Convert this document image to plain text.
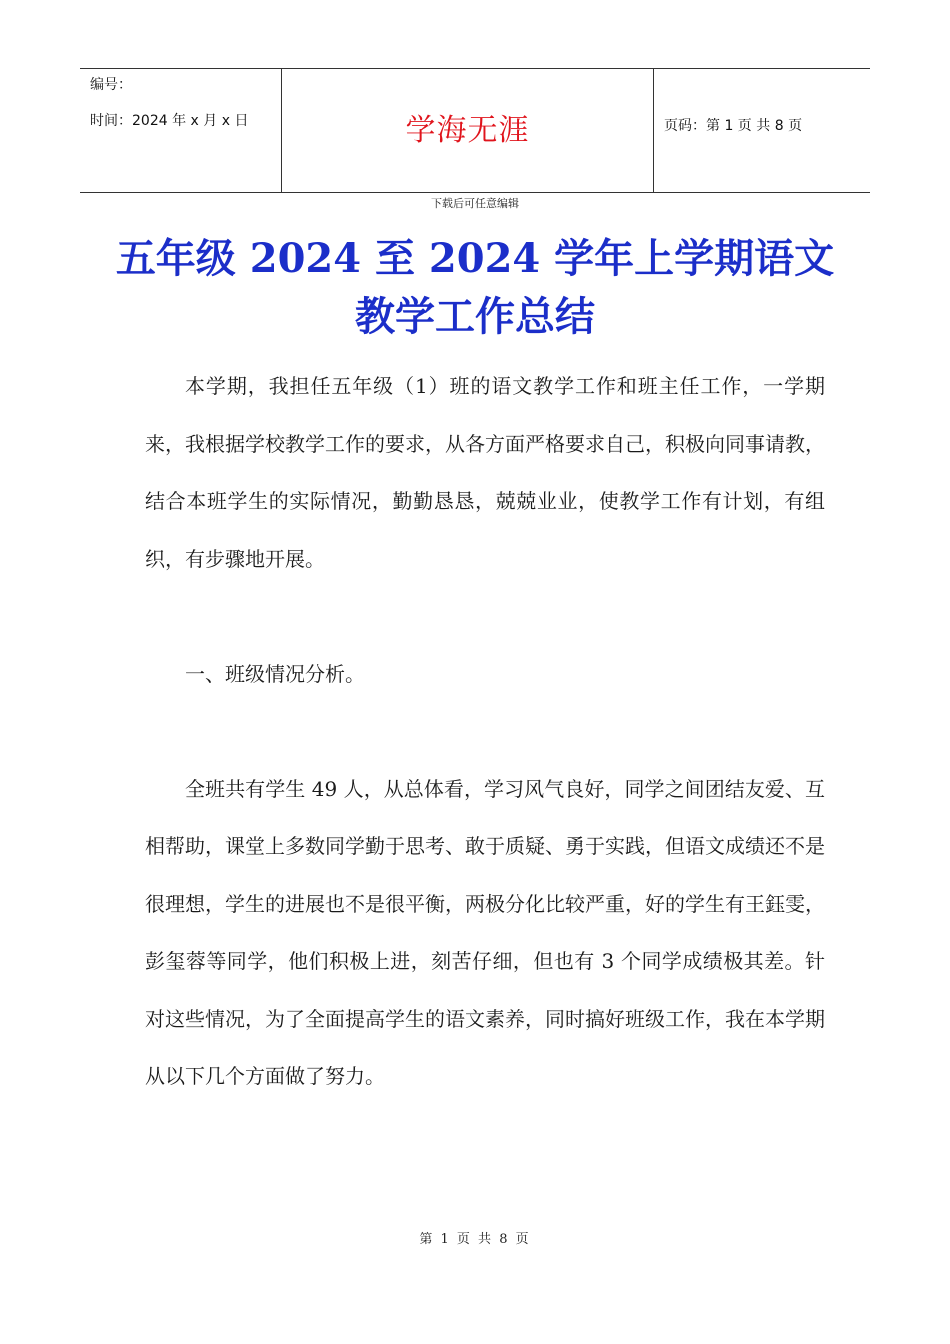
编号：
时间：2024 年 x 月 x 日	学海无涯	页码：第 1 页 共 8 页
下载后可任意编辑
五年级 2024 至 2024 学年上学期语文
教学工作总结

本学期，我担任五年级（1）班的语文教学工作和班主任工作，一学期来，我根据学校教学工作的要求，从各方面严格要求自己，积极向同事请教，结合本班学生的实际情况，勤勤恳恳，兢兢业业，使教学工作有计划，有组织，有步骤地开展。

一、班级情况分析。

全班共有学生 49 人，从总体看，学习风气良好，同学之间团结友爱、互相帮助，课堂上多数同学勤于思考、敢于质疑、勇于实践，但语文成绩还不是很理想，学生的进展也不是很平衡，两极分化比较严重，好的学生有王鈺雯，彭玺蓉等同学，他们积极上进，刻苦仔细，但也有 3 个同学成绩极其差。针对这些情况，为了全面提高学生的语文素养，同时搞好班级工作，我在本学期从以下几个方面做了努力。

第 1 页 共 8 页
